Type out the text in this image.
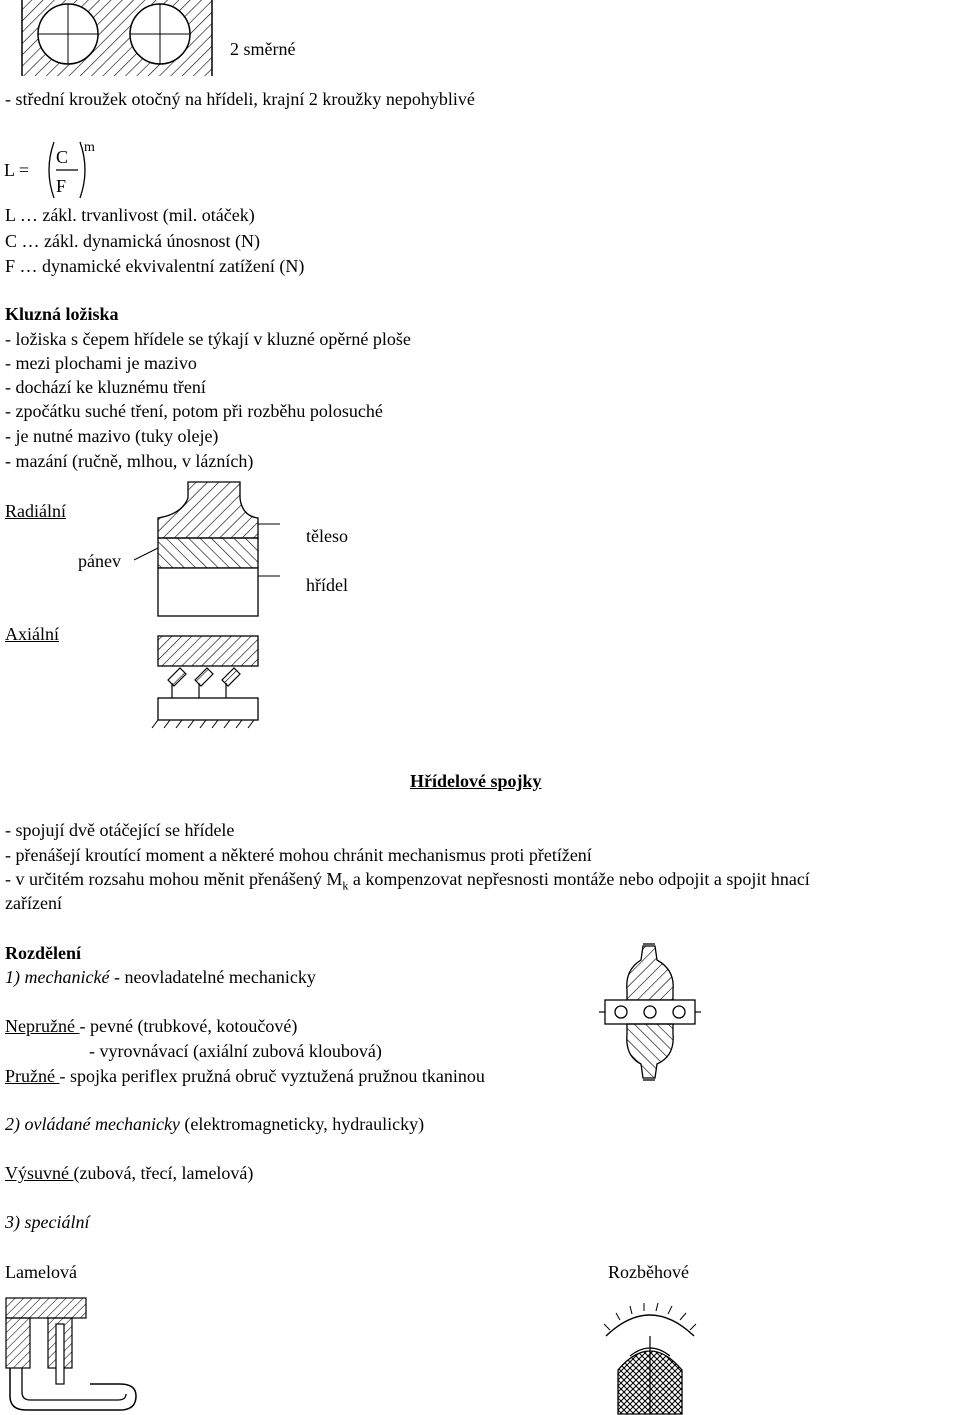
2 směrné
- střední kroužek otočný na hřídeli, krajní 2 kroužky nepohyblivé
L =
C
F
m
L … zákl. trvanlivost (mil. otáček)
C … zákl. dynamická únosnost (N)
F … dynamické ekvivalentní zatížení (N)
Kluzná ložiska
- ložiska s čepem hřídele se týkají v kluzné opěrné ploše
- mezi plochami je mazivo
- dochází ke kluznému tření
- zpočátku suché tření, potom při rozběhu polosuché
- je nutné mazivo (tuky oleje)
- mazání (ručně, mlhou, v lázních)
Radiální
pánev
těleso
hřídel
Axiální
Hřídelové spojky
- spojují dvě otáčející se hřídele
- přenášejí kroutící moment a některé mohou chránit mechanismus proti přetížení
- v určitém rozsahu mohou měnit přenášený $M_k$ a kompenzovat nepřesnosti montáže nebo odpojit a spojit hnací
zařízení
Rozdělení
1) mechanické - neovladatelné mechanicky
Nepružné - pevné (trubkové, kotoučové)
- vyrovnávací (axiální zubová kloubová)
Pružné - spojka periflex pružná obruč vyztužená pružnou tkaninou
2) ovládané mechanicky (elektromagneticky, hydraulicky)
Výsuvné (zubová, třecí, lamelová)
3) speciální
Lamelová	Rozběhové
